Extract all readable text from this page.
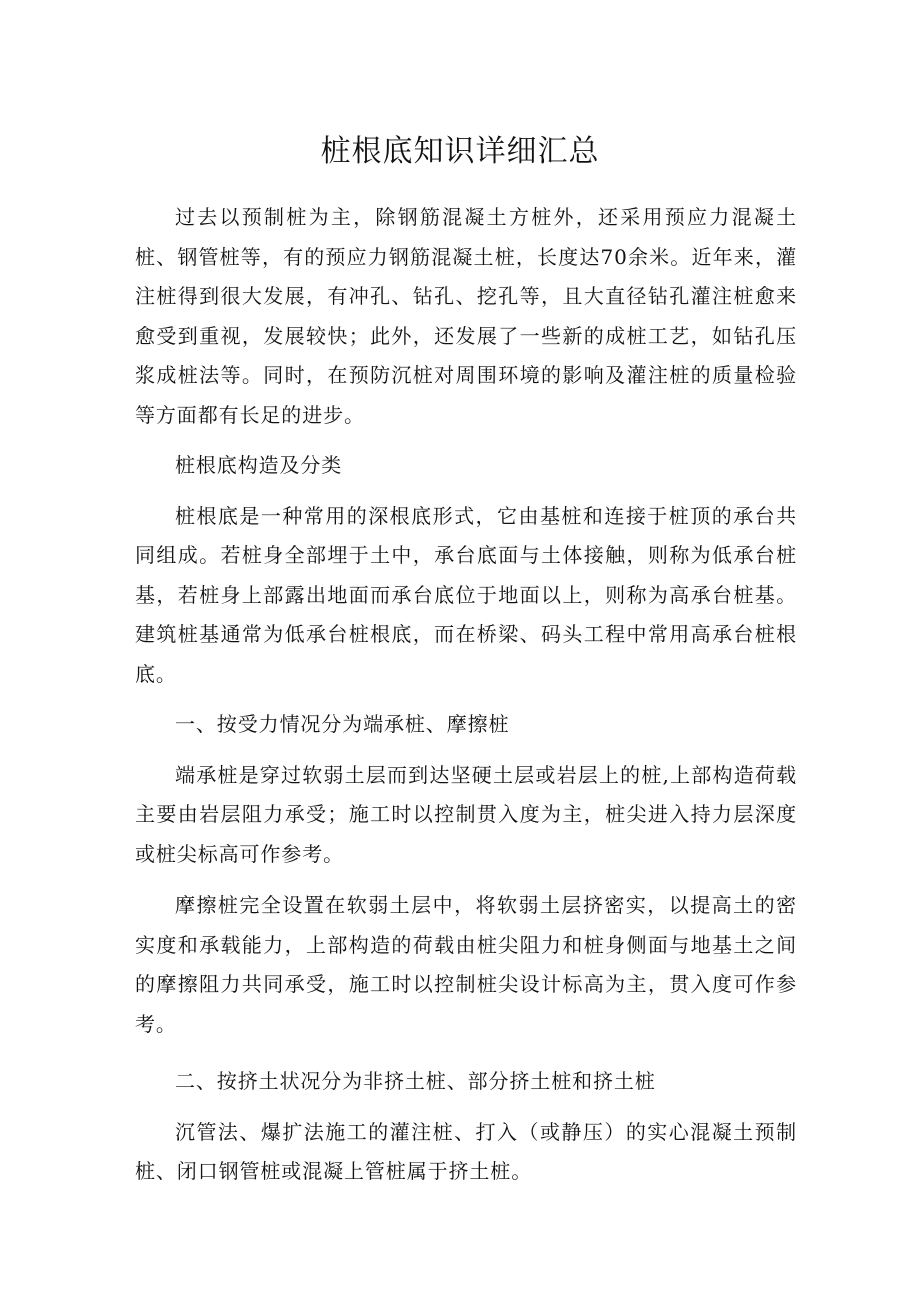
桩根底知识详细汇总

过去以预制桩为主，除钢筋混凝土方桩外，还采用预应力混凝土桩、钢管桩等，有的预应力钢筋混凝土桩，长度达70余米。近年来，灌注桩得到很大发展，有冲孔、钻孔、挖孔等，且大直径钻孔灌注桩愈来愈受到重视，发展较快；此外，还发展了一些新的成桩工艺，如钻孔压浆成桩法等。同时，在预防沉桩对周围环境的影响及灌注桩的质量检验等方面都有长足的进步。

桩根底构造及分类

桩根底是一种常用的深根底形式，它由基桩和连接于桩顶的承台共同组成。若桩身全部埋于土中，承台底面与土体接触，则称为低承台桩基，若桩身上部露出地面而承台底位于地面以上，则称为高承台桩基。建筑桩基通常为低承台桩根底，而在桥梁、码头工程中常用高承台桩根底。

一、按受力情况分为端承桩、摩擦桩

端承桩是穿过软弱土层而到达坚硬土层或岩层上的桩,上部构造荷载主要由岩层阻力承受；施工时以控制贯入度为主，桩尖进入持力层深度或桩尖标高可作参考。

摩擦桩完全设置在软弱土层中，将软弱土层挤密实，以提高土的密实度和承载能力，上部构造的荷载由桩尖阻力和桩身侧面与地基土之间的摩擦阻力共同承受，施工时以控制桩尖设计标高为主，贯入度可作参考。

二、按挤土状况分为非挤土桩、部分挤土桩和挤土桩

沉管法、爆扩法施工的灌注桩、打入（或静压）的实心混凝土预制桩、闭口钢管桩或混凝上管桩属于挤土桩。
